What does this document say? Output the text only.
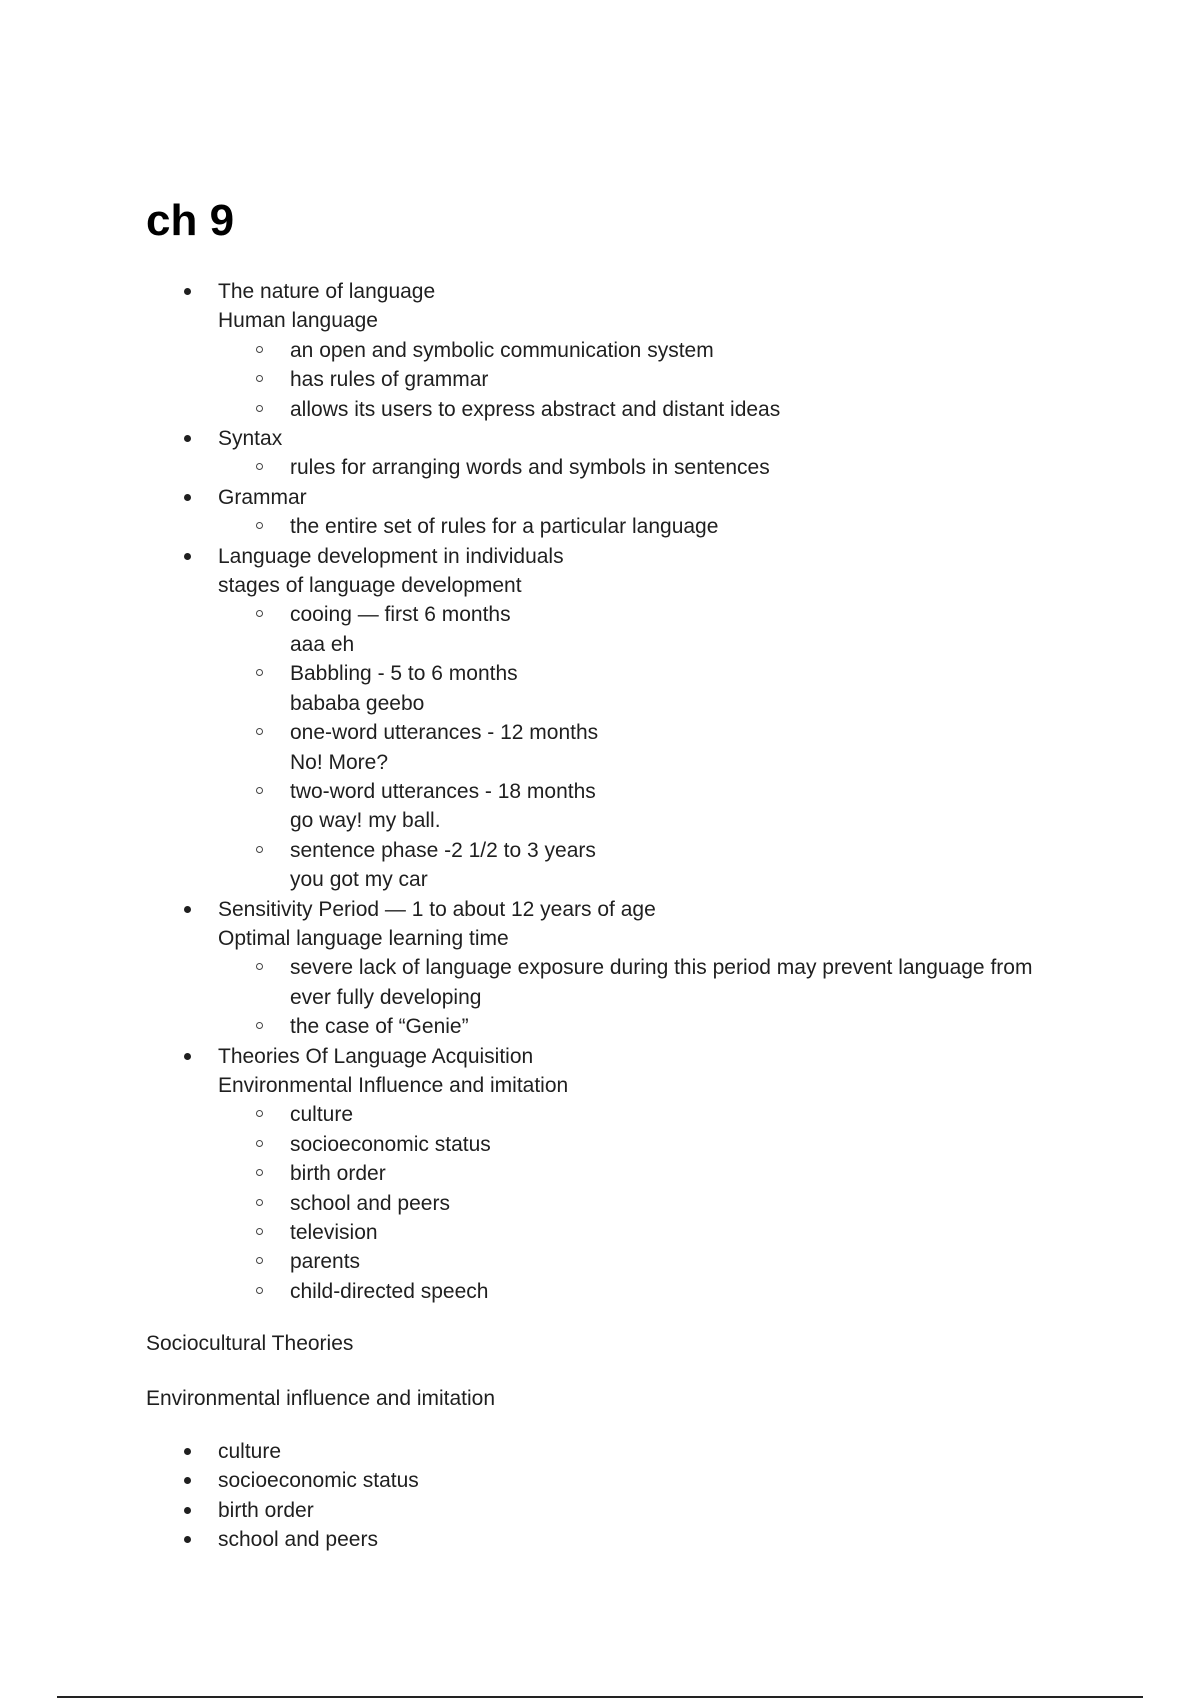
ch 9
The nature of language
Human language
an open and symbolic communication system
has rules of grammar
allows its users to express abstract and distant ideas
Syntax
rules for arranging words and symbols in sentences
Grammar
the entire set of rules for a particular language
Language development in individuals
stages of language development
cooing — first 6 months
aaa eh
Babbling - 5 to 6 months
bababa geebo
one-word utterances - 12 months
No! More?
two-word utterances - 18 months
go way! my ball.
sentence phase -2 1/2 to 3 years
you got my car
Sensitivity Period — 1 to about 12 years of age
Optimal language learning time
severe lack of language exposure during this period may prevent language from ever fully developing
the case of “Genie”
Theories Of Language Acquisition
Environmental Influence and imitation
culture
socioeconomic status
birth order
school and peers
television
parents
child-directed speech

Sociocultural Theories

Environmental influence and imitation

culture
socioeconomic status
birth order
school and peers
